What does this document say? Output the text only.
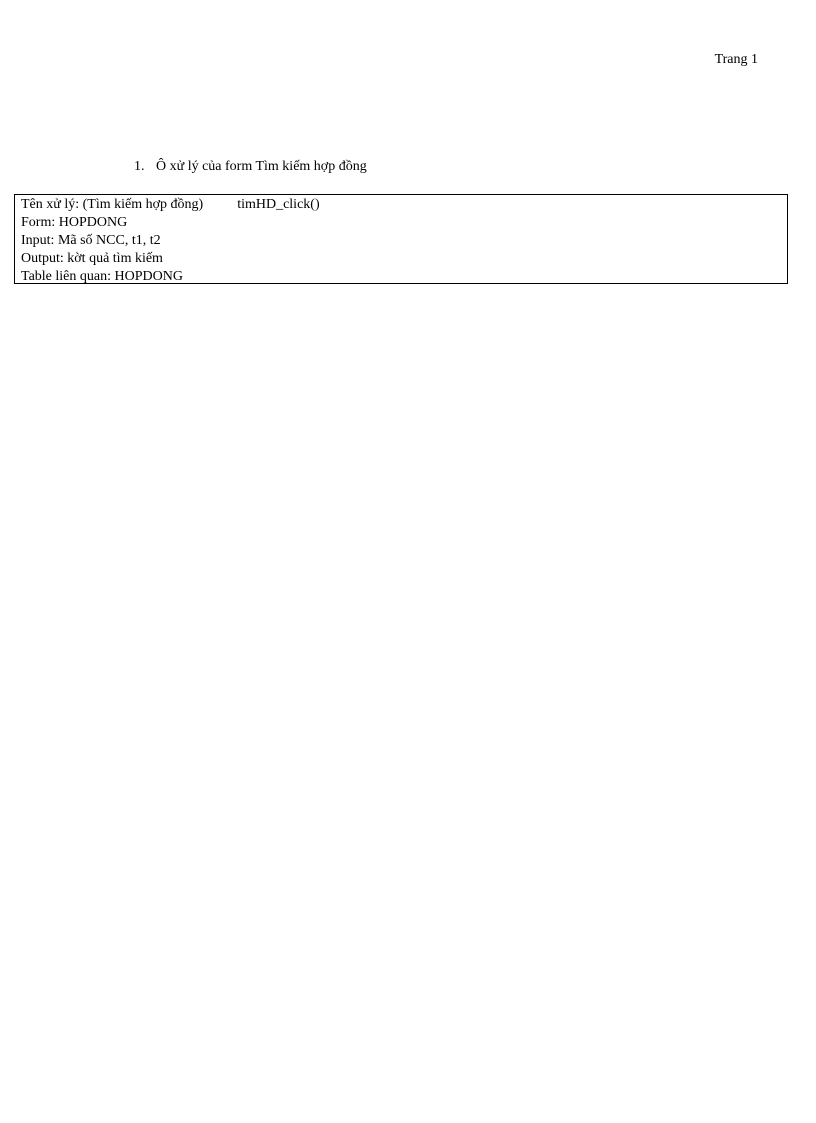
Trang 1
1. Ô xử lý của form Tìm kiếm hợp đồng
Tên xử lý: (Tìm kiếm hợp đồng) timHD_click()
Form: HOPDONG
Input: Mã số NCC, t1, t2
Output: kờt quả tìm kiếm
Table liên quan: HOPDONG
